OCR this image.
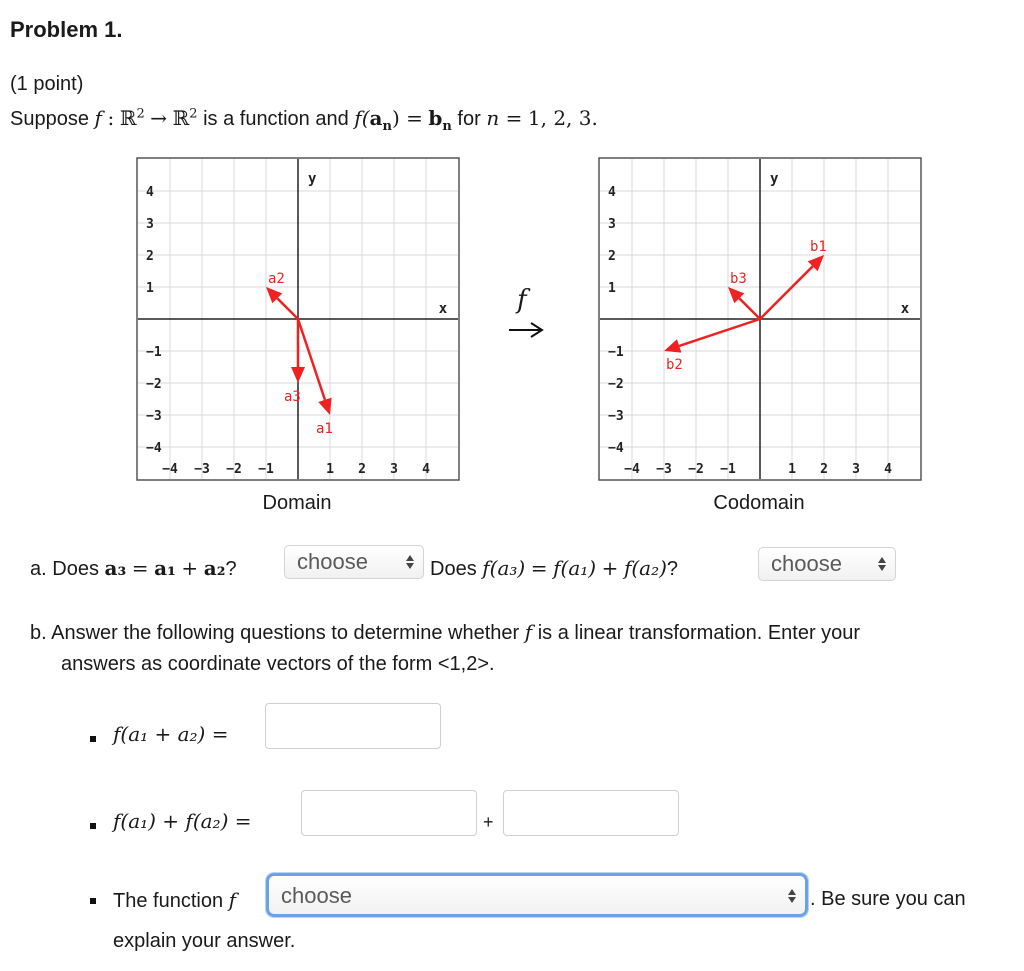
Problem 1.
(1 point)
Suppose f : ℝ$^2$ → ℝ$^2$ is a function and $f(a_n) = b_n$ for n = 1, 2, 3.
4
3
2
1
−1
−2
−3
−4
−4 −3 −2 −1	1 2 3 4
y
x
a1
a2
a3
Domain
f
4
3
2
1
−1
−2
−3
−4
−4 −3 −2 −1	1 2 3 4
y
x
b1
b2
b3
Codomain
a. Does a₃ = a₁ + a₂?	choose	Does f(a₃) = f(a₁) + f(a₂)?	choose
b. Answer the following questions to determine whether f is a linear transformation. Enter your
answers as coordinate vectors of the form <1,2>.
f(a₁ + a₂) =
f(a₁) + f(a₂) =	+
The function f	choose	. Be sure you can
explain your answer.
